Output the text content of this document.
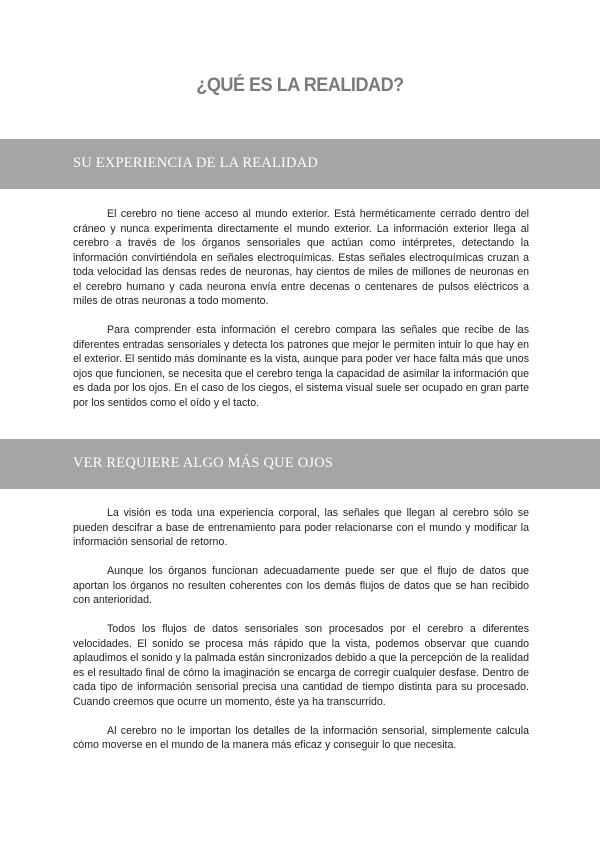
¿QUÉ ES LA REALIDAD?
SU EXPERIENCIA DE LA REALIDAD

El cerebro no tiene acceso al mundo exterior. Está herméticamente cerrado dentro del cráneo y nunca experimenta directamente el mundo exterior. La información exterior llega al cerebro a través de los órganos sensoriales que actúan como intérpretes, detectando la información convirtiéndola en señales electroquímicas. Estas señales electroquímicas cruzan a toda velocidad las densas redes de neuronas, hay cientos de miles de millones de neuronas en el cerebro humano y cada neurona envía entre decenas o centenares de pulsos eléctricos a miles de otras neuronas a todo momento.

Para comprender esta información el cerebro compara las señales que recibe de las diferentes entradas sensoriales y detecta los patrones que mejor le permiten intuir lo que hay en el exterior. El sentido más dominante es la vista, aunque para poder ver hace falta más que unos ojos que funcionen, se necesita que el cerebro tenga la capacidad de asimilar la información que es dada por los ojos. En el caso de los ciegos, el sistema visual suele ser ocupado en gran parte por los sentidos como el oído y el tacto.

VER REQUIERE ALGO MÁS QUE OJOS

La visión es toda una experiencia corporal, las señales que llegan al cerebro sólo se pueden descifrar a base de entrenamiento para poder relacionarse con el mundo y modificar la información sensorial de retorno.

Aunque los órganos funcionan adecuadamente puede ser que el flujo de datos que aportan los órganos no resulten coherentes con los demás flujos de datos que se han recibido con anterioridad.

Todos los flujos de datos sensoriales son procesados por el cerebro a diferentes velocidades. El sonido se procesa más rápido que la vista, podemos observar que cuando aplaudimos el sonido y la palmada están sincronizados debido a que la percepción de la realidad es el resultado final de cómo la imaginación se encarga de corregir cualquier desfase. Dentro de cada tipo de información sensorial precisa una cantidad de tiempo distinta para su procesado. Cuando creemos que ocurre un momento, éste ya ha transcurrido.

Al cerebro no le importan los detalles de la información sensorial, simplemente calcula cómo moverse en el mundo de la manera más eficaz y conseguir lo que necesita.
